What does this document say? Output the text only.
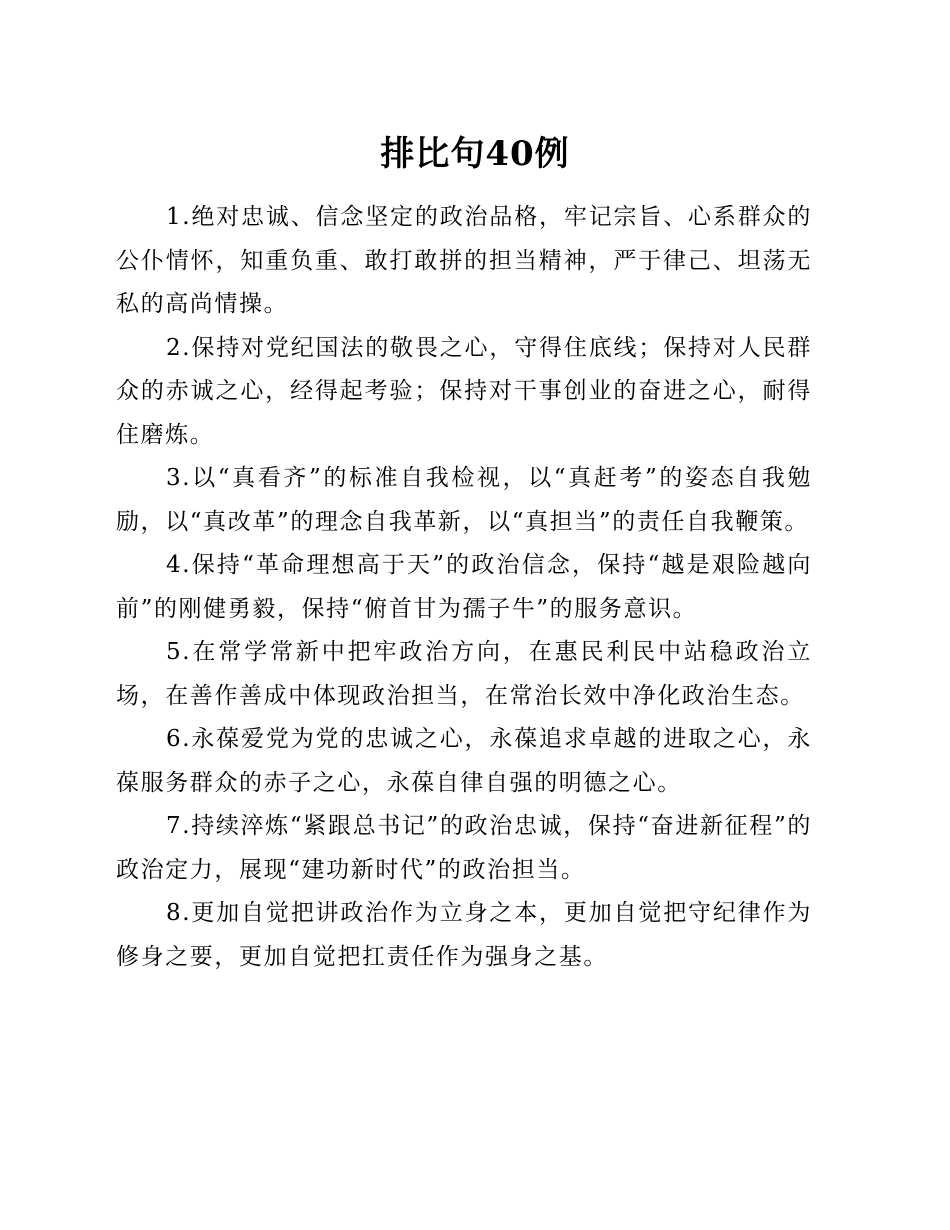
排比句40例

1.绝对忠诚、信念坚定的政治品格，牢记宗旨、心系群众的公仆情怀，知重负重、敢打敢拼的担当精神，严于律己、坦荡无私的高尚情操。

2.保持对党纪国法的敬畏之心，守得住底线；保持对人民群众的赤诚之心，经得起考验；保持对干事创业的奋进之心，耐得住磨炼。

3.以“真看齐”的标准自我检视，以“真赶考”的姿态自我勉励，以“真改革”的理念自我革新，以“真担当”的责任自我鞭策。

4.保持“革命理想高于天”的政治信念，保持“越是艰险越向前”的刚健勇毅，保持“俯首甘为孺子牛”的服务意识。

5.在常学常新中把牢政治方向，在惠民利民中站稳政治立场，在善作善成中体现政治担当，在常治长效中净化政治生态。

6.永葆爱党为党的忠诚之心，永葆追求卓越的进取之心，永葆服务群众的赤子之心，永葆自律自强的明德之心。

7.持续淬炼“紧跟总书记”的政治忠诚，保持“奋进新征程”的政治定力，展现“建功新时代”的政治担当。

8.更加自觉把讲政治作为立身之本，更加自觉把守纪律作为修身之要，更加自觉把扛责任作为强身之基。
